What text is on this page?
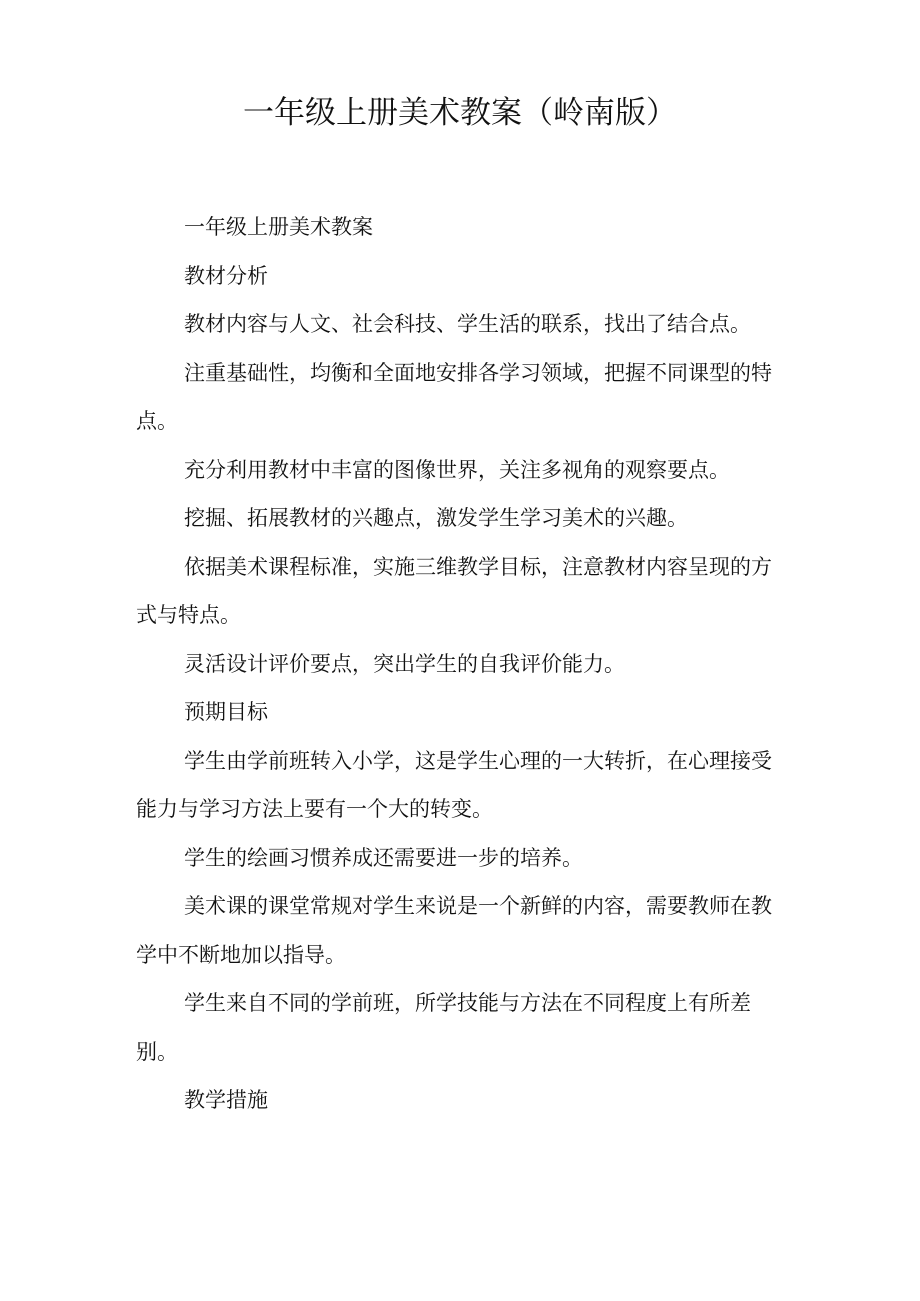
一年级上册美术教案（岭南版）

一年级上册美术教案

教材分析

教材内容与人文、社会科技、学生活的联系，找出了结合点。

注重基础性，均衡和全面地安排各学习领域，把握不同课型的特点。

充分利用教材中丰富的图像世界，关注多视角的观察要点。

挖掘、拓展教材的兴趣点，激发学生学习美术的兴趣。

依据美术课程标准，实施三维教学目标，注意教材内容呈现的方式与特点。

灵活设计评价要点，突出学生的自我评价能力。

预期目标

学生由学前班转入小学，这是学生心理的一大转折，在心理接受能力与学习方法上要有一个大的转变。

学生的绘画习惯养成还需要进一步的培养。

美术课的课堂常规对学生来说是一个新鲜的内容，需要教师在教学中不断地加以指导。

学生来自不同的学前班，所学技能与方法在不同程度上有所差别。

教学措施
